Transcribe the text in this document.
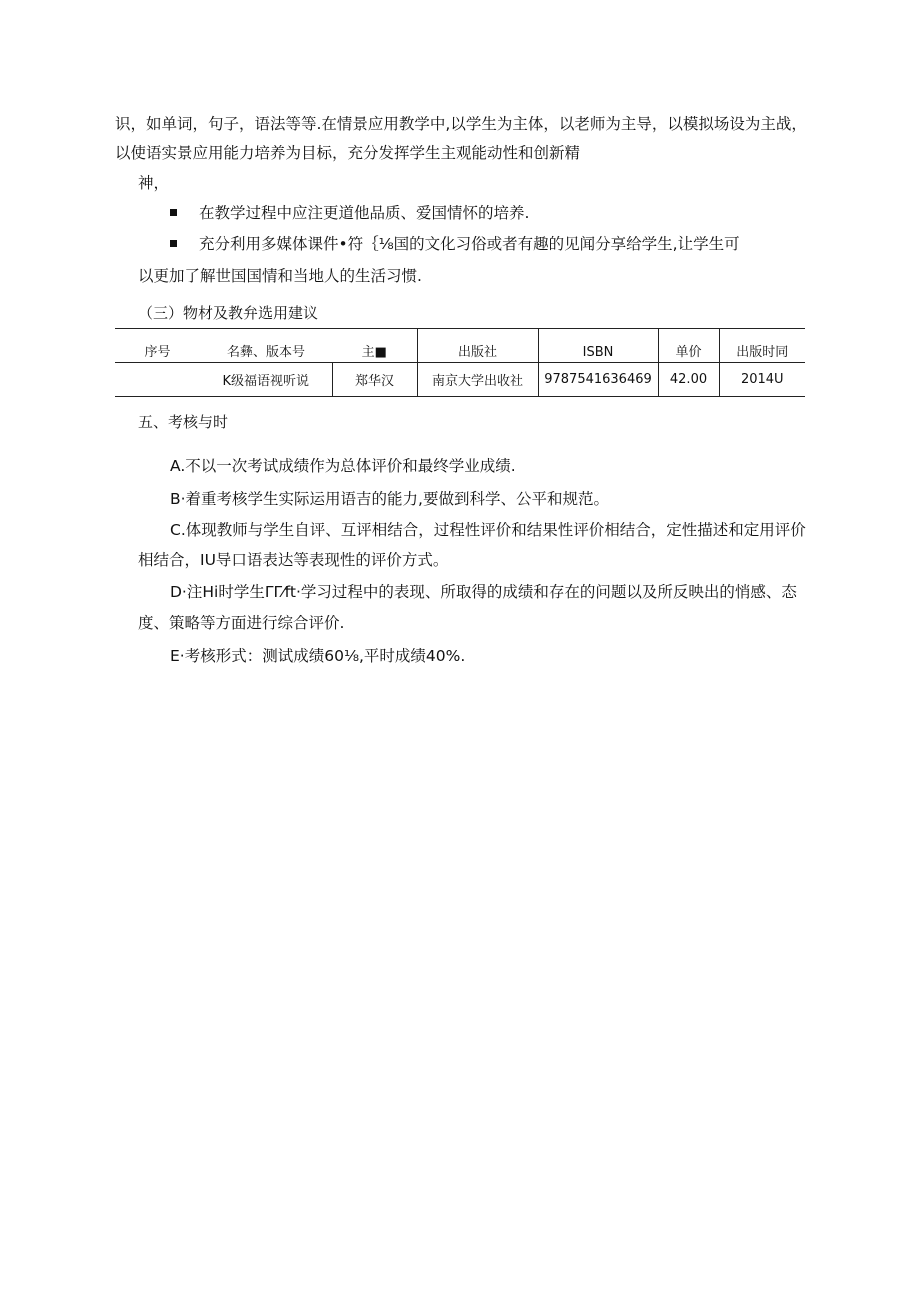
识，如单词，句子，语法等等.在情景应用教学中,以学生为主体，以老师为主导，以模拟场设为主战，
以使语实景应用能力培养为目标，充分发挥学生主观能动性和创新精
神，
在教学过程中应注更道他品质、爱国情怀的培养.
充分利用多媒体课件•符｛⅛国的文化习俗或者有趣的见闻分享给学生,让学生可
以更加了解世国国情和当地人的生活习惯.
（三）物材及教弁选用建议
序号	名彝、版本号	主■	出版社	ISBN	单价	出版时同
	K级福语视听说	郑华汉	南京大学出收社	9787541636469	42.00	2014U
五、考核与时
A.不以一次考试成绩作为总体评价和最终学业成绩.
B·着重考核学生实际运用语吉的能力,要做到科学、公平和规范。
C.体现教师与学生自评、互评相结合，过程性评价和结果性评价相结合，定性描述和定用评价
相结合，IU导口语表达等表现性的评价方式。
D·注Hi时学生ΓΓ⁄ft·学习过程中的表现、所取得的成绩和存在的问题以及所反映出的悄感、态
度、策略等方面进行综合评价.
E·考核形式：测试成绩60⅛,平时成绩40%.
